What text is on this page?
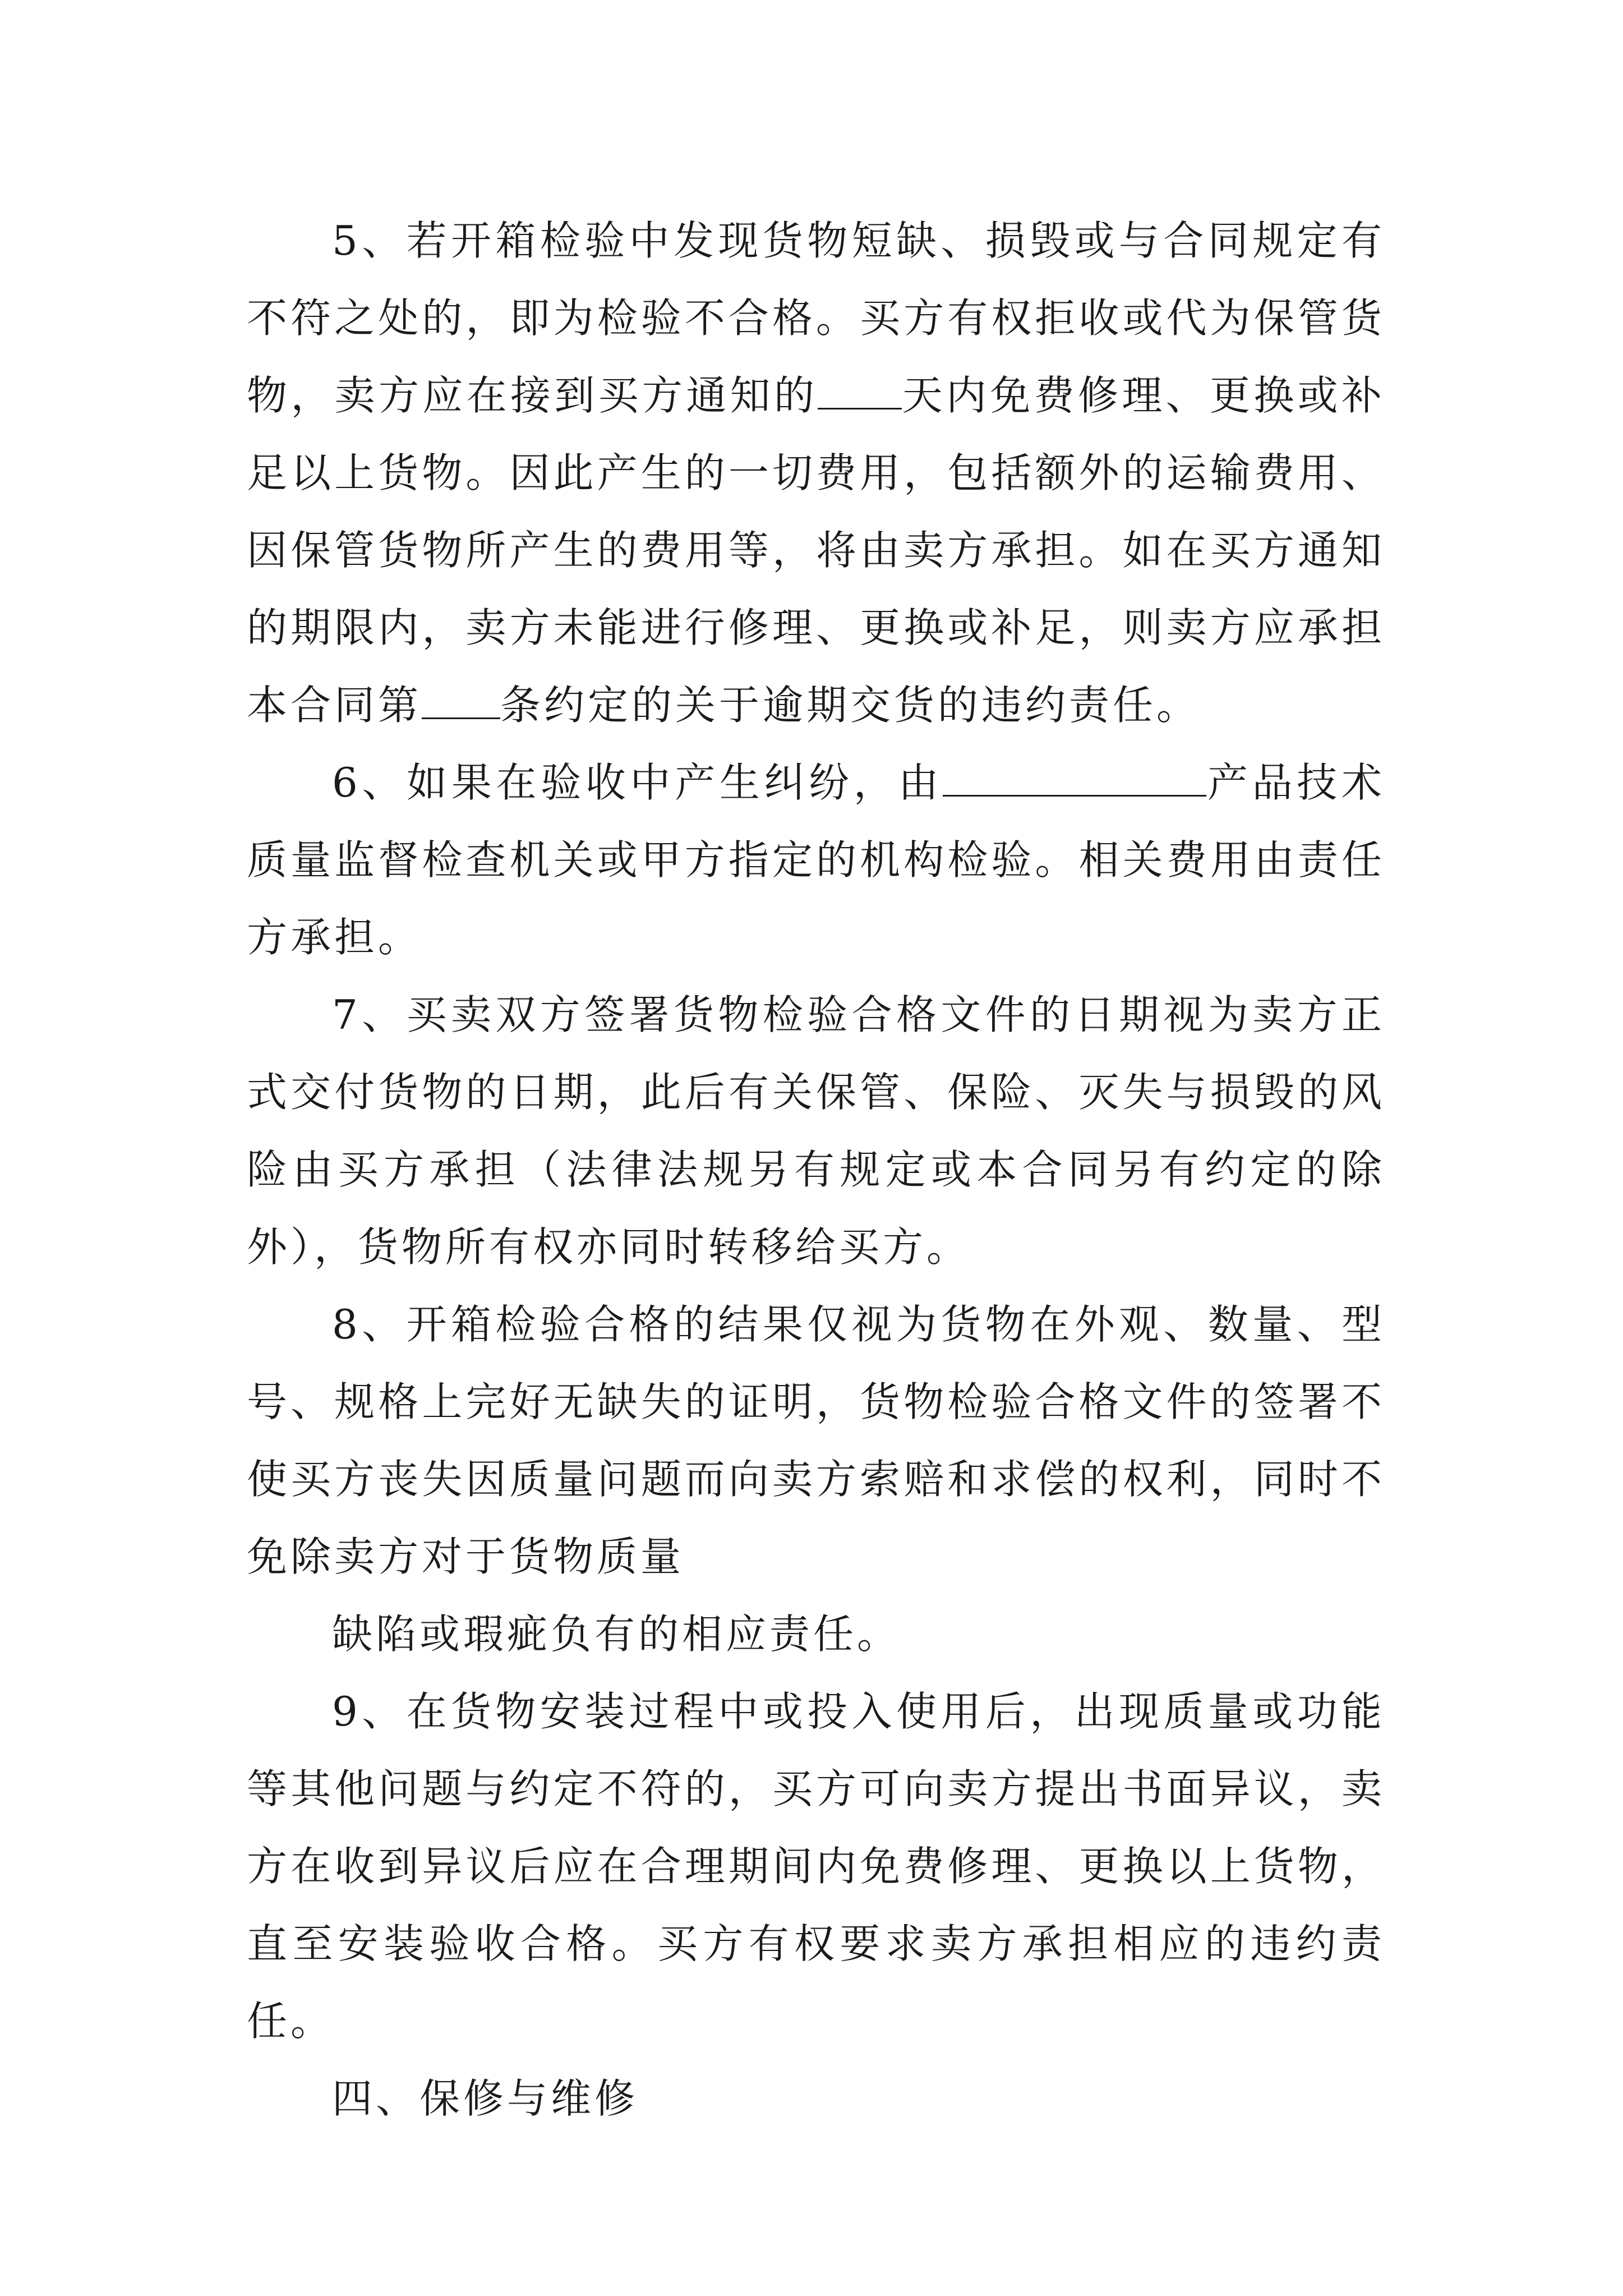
5、若开箱检验中发现货物短缺、损毁或与合同规定有不符之处的，即为检验不合格。买方有权拒收或代为保管货物，卖方应在接到买方通知的 天内免费修理、更换或补足以上货物。因此产生的一切费用，包括额外的运输费用、因保管货物所产生的费用等，将由卖方承担。如在买方通知的期限内，卖方未能进行修理、更换或补足，则卖方应承担本合同第 条约定的关于逾期交货的违约责任。

6、如果在验收中产生纠纷，由	产品技术质量监督检查机关或甲方指定的机构检验。相关费用由责任方承担。

7、买卖双方签署货物检验合格文件的日期视为卖方正式交付货物的日期，此后有关保管、保险、灭失与损毁的风险由买方承担（法律法规另有规定或本合同另有约定的除外），货物所有权亦同时转移给买方。

8、开箱检验合格的结果仅视为货物在外观、数量、型号、规格上完好无缺失的证明，货物检验合格文件的签署不使买方丧失因质量问题而向卖方索赔和求偿的权利，同时不免除卖方对于货物质量

缺陷或瑕疵负有的相应责任。

9、在货物安装过程中或投入使用后，出现质量或功能等其他问题与约定不符的，买方可向卖方提出书面异议，卖方在收到异议后应在合理期间内免费修理、更换以上货物，直至安装验收合格。买方有权要求卖方承担相应的违约责任。

四、保修与维修
